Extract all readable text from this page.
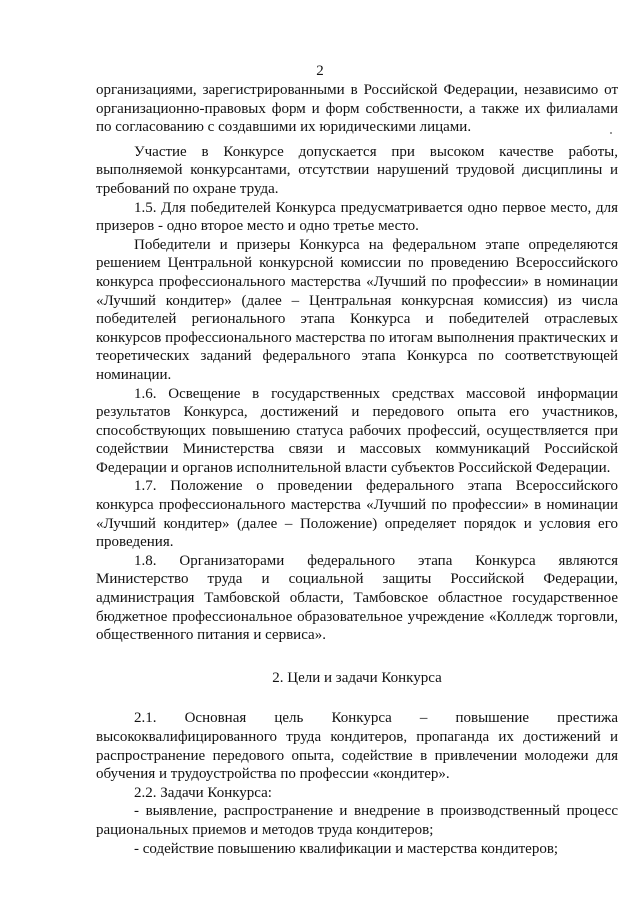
2

организациями, зарегистрированными в Российской Федерации, независимо от организационно-правовых форм и форм собственности, а также их филиалами по согласованию с создавшими их юридическими лицами.

Участие в Конкурсе допускается при высоком качестве работы, выполняемой конкурсантами, отсутствии нарушений трудовой дисциплины и требований по охране труда.

1.5. Для победителей Конкурса предусматривается одно первое место, для призеров - одно второе место и одно третье место.

Победители и призеры Конкурса на федеральном этапе определяются решением Центральной конкурсной комиссии по проведению Всероссийского конкурса профессионального мастерства «Лучший по профессии» в номинации «Лучший кондитер» (далее – Центральная конкурсная комиссия) из числа победителей регионального этапа Конкурса и победителей отраслевых конкурсов профессионального мастерства по итогам выполнения практических и теоретических заданий федерального этапа Конкурса по соответствующей номинации.

1.6. Освещение в государственных средствах массовой информации результатов Конкурса, достижений и передового опыта его участников, способствующих повышению статуса рабочих профессий, осуществляется при содействии Министерства связи и массовых коммуникаций Российской Федерации и органов исполнительной власти субъектов Российской Федерации.

1.7. Положение о проведении федерального этапа Всероссийского конкурса профессионального мастерства «Лучший по профессии» в номинации «Лучший кондитер» (далее – Положение) определяет порядок и условия его проведения.

1.8. Организаторами федерального этапа Конкурса являются Министерство труда и социальной защиты Российской Федерации, администрация Тамбовской области, Тамбовское областное государственное бюджетное профессиональное образовательное учреждение «Колледж торговли, общественного питания и сервиса».

2. Цели и задачи Конкурса

2.1. Основная цель Конкурса – повышение престижа высококвалифицированного труда кондитеров, пропаганда их достижений и распространение передового опыта, содействие в привлечении молодежи для обучения и трудоустройства по профессии «кондитер».

2.2. Задачи Конкурса:

- выявление, распространение и внедрение в производственный процесс рациональных приемов и методов труда кондитеров;

- содействие повышению квалификации и мастерства кондитеров;
